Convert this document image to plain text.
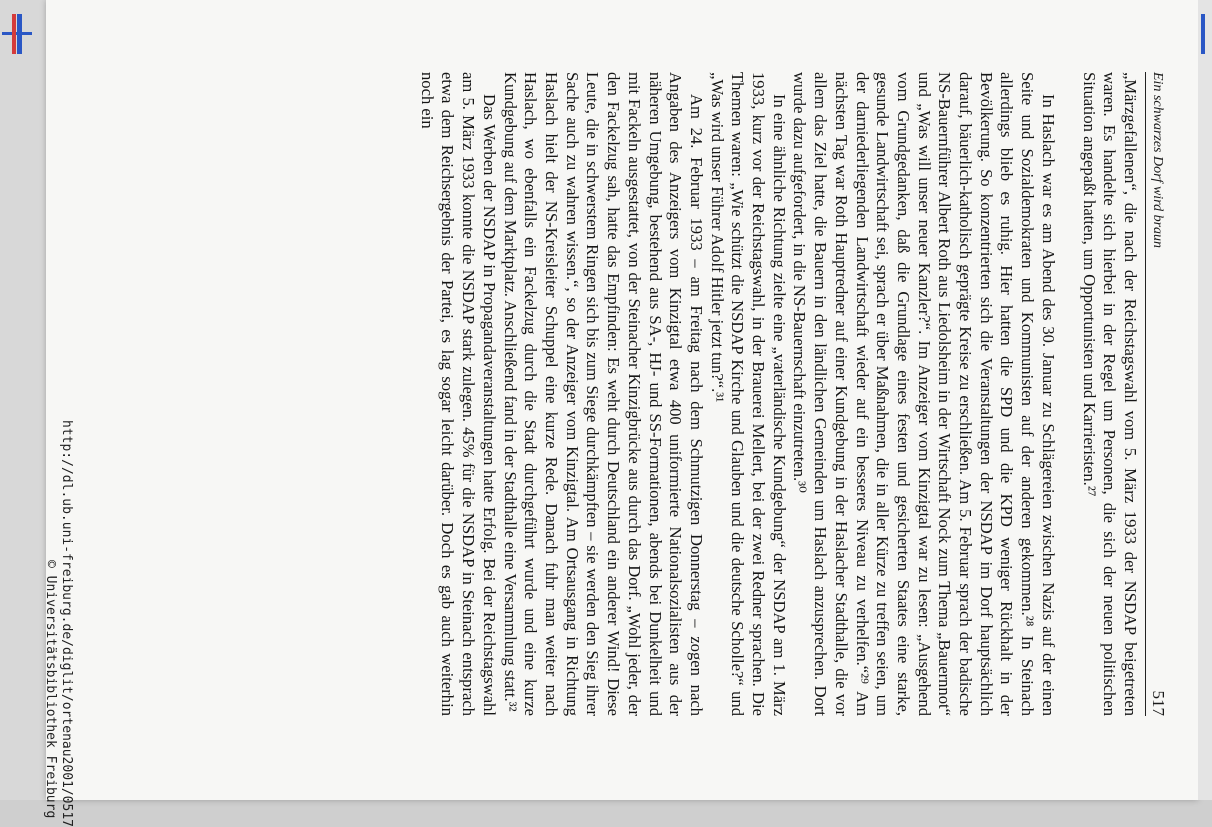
Ein schwarzes Dorf wird braun
517

„Märzgefallenen“, die nach der Reichstagswahl vom 5. März 1933 der NSDAP beigetreten waren. Es handelte sich hierbei in der Regel um Personen, die sich der neuen politischen Situation angepaßt hatten, um Opportunisten und Karrieristen.²⁷

In Haslach war es am Abend des 30. Januar zu Schlägereien zwischen Nazis auf der einen Seite und Sozialdemokraten und Kommunisten auf der anderen gekommen.²⁸ In Steinach allerdings blieb es ruhig. Hier hatten die SPD und die KPD weniger Rückhalt in der Bevölkerung. So konzentrierten sich die Veranstaltungen der NSDAP im Dorf hauptsächlich darauf, bäuerlich-katholisch geprägte Kreise zu erschließen. Am 5. Februar sprach der badische NS-Bauernführer Albert Roth aus Liedolsheim in der Wirtschaft Nock zum Thema „Bauernnot“ und „Was will unser neuer Kanzler?“. Im Anzeiger vom Kinzigtal war zu lesen: „Ausgehend vom Grundgedanken, daß die Grundlage eines festen und gesicherten Staates eine starke, gesunde Landwirtschaft sei, sprach er über Maßnahmen, die in aller Kürze zu treffen seien, um der darniederliegenden Landwirtschaft wieder auf ein besseres Niveau zu verhelfen.“²⁹ Am nächsten Tag war Roth Hauptredner auf einer Kundgebung in der Haslacher Stadthalle, die vor allem das Ziel hatte, die Bauern in den ländlichen Gemeinden um Haslach anzusprechen. Dort wurde dazu aufgefordert, in die NS-Bauernschaft einzutreten.³⁰

In eine ähnliche Richtung zielte eine „vaterländische Kundgebung“ der NSDAP am 1. März 1933, kurz vor der Reichstagswahl, in der Brauerei Mellert, bei der zwei Redner sprachen. Die Themen waren: „Wie schützt die NSDAP Kirche und Glauben und die deutsche Scholle?“ und „Was wird unser Führer Adolf Hitler jetzt tun?“.³¹

Am 24. Februar 1933 – am Freitag nach dem Schmutzigen Donnerstag – zogen nach Angaben des Anzeigers vom Kinzigtal etwa 400 uniformierte Nationalsozialisten aus der näheren Umgebung, bestehend aus SA-, HJ- und SS-Formationen, abends bei Dunkelheit und mit Fackeln ausgestattet, von der Steinacher Kinzigbrücke aus durch das Dorf. „Wohl jeder, der den Fackelzug sah, hatte das Empfinden: Es weht durch Deutschland ein anderer Wind! Diese Leute, die in schwerstem Ringen sich bis zum Siege durchkämpften – sie werden den Sieg ihrer Sache auch zu wahren wissen.“, so der Anzeiger vom Kinzigtal. Am Ortsausgang in Richtung Haslach hielt der NS-Kreisleiter Schuppel eine kurze Rede. Danach fuhr man weiter nach Haslach, wo ebenfalls ein Fackelzug durch die Stadt durchgeführt wurde und eine kurze Kundgebung auf dem Marktplatz. Anschließend fand in der Stadthalle eine Versammlung statt.³²

Das Werben der NSDAP in Propagandaveranstaltungen hatte Erfolg. Bei der Reichstagswahl am 5. März 1933 konnte die NSDAP stark zulegen. 45% für die NSDAP in Steinach entsprach etwa dem Reichsergebnis der Partei, es lag sogar leicht darüber. Doch es gab auch weiterhin noch ein

http://dl.ub.uni-freiburg.de/diglit/ortenau2001/0517
© Universitätsbibliothek Freiburg
